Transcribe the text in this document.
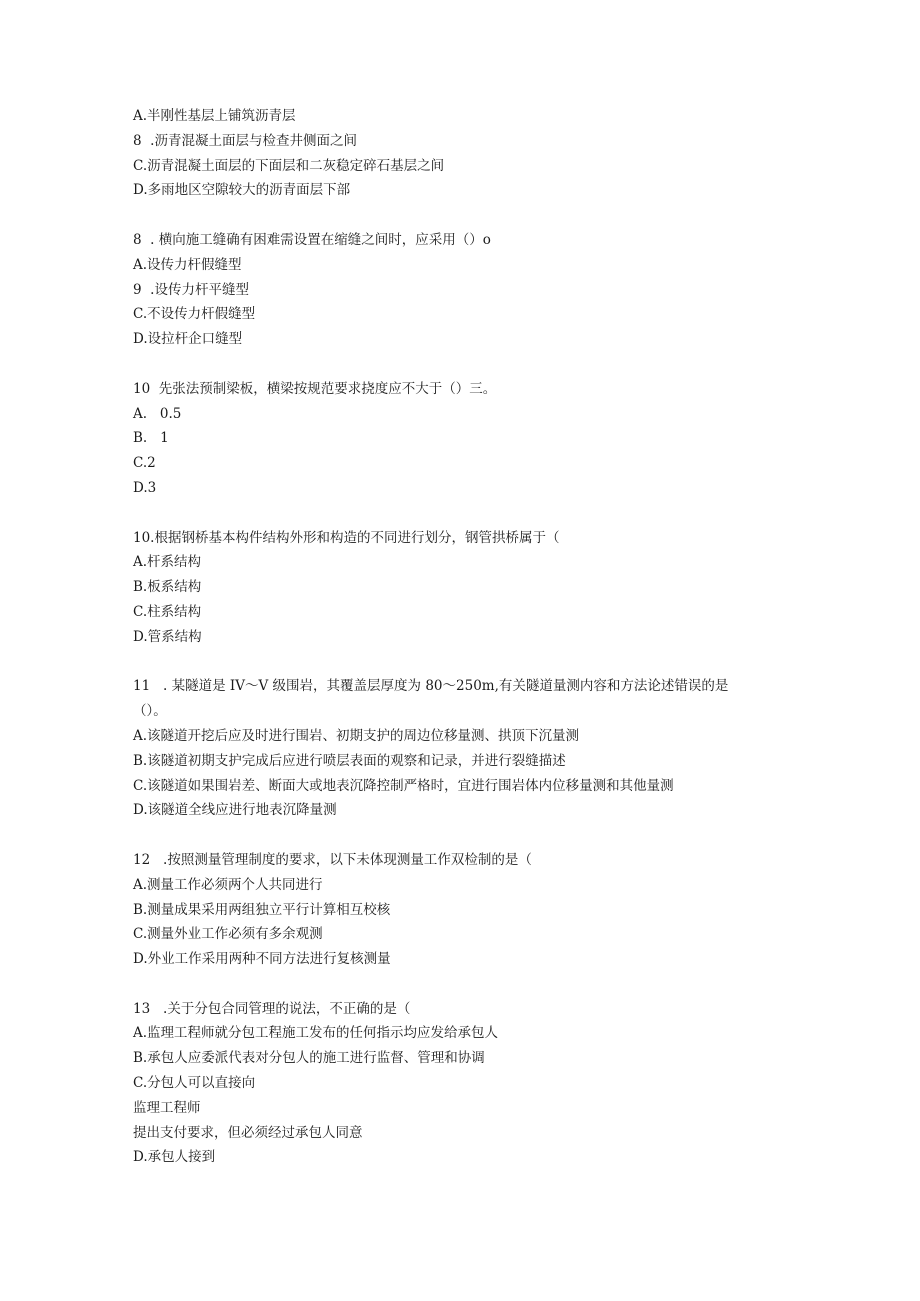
A.半刚性基层上铺筑沥青层
8  .沥青混凝土面层与检查井侧面之间
C.沥青混凝土面层的下面层和二灰稳定碎石基层之间
D.多雨地区空隙较大的沥青面层下部
8  . 横向施工缝确有困难需设置在缩缝之间时，应采用（）o
A.设传力杆假缝型
9  .设传力杆平缝型
C.不设传力杆假缝型
D.设拉杆企口缝型
10  先张法预制梁板，横梁按规范要求挠度应不大于（）三。
A.   0.5
B.   1
C.2
D.3
10.根据钢桥基本构件结构外形和构造的不同进行划分，钢管拱桥属于（
A.杆系结构
B.板系结构
C.柱系结构
D.管系结构
11   . 某隧道是 IV～V 级围岩，其覆盖层厚度为 80～250m,有关隧道量测内容和方法论述错误的是
（）。
A.该隧道开挖后应及时进行围岩、初期支护的周边位移量测、拱顶下沉量测
B.该隧道初期支护完成后应进行喷层表面的观察和记录，并进行裂缝描述
C.该隧道如果围岩差、断面大或地表沉降控制严格时，宜进行围岩体内位移量测和其他量测
D.该隧道全线应进行地表沉降量测
12   .按照测量管理制度的要求，以下未体现测量工作双检制的是（
A.测量工作必须两个人共同进行
B.测量成果采用两组独立平行计算相互校核
C.测量外业工作必须有多余观测
D.外业工作采用两种不同方法进行复核测量
13   .关于分包合同管理的说法，不正确的是（
A.监理工程师就分包工程施工发布的任何指示均应发给承包人
B.承包人应委派代表对分包人的施工进行监督、管理和协调
C.分包人可以直接向
监理工程师
提出支付要求，但必须经过承包人同意
D.承包人接到
